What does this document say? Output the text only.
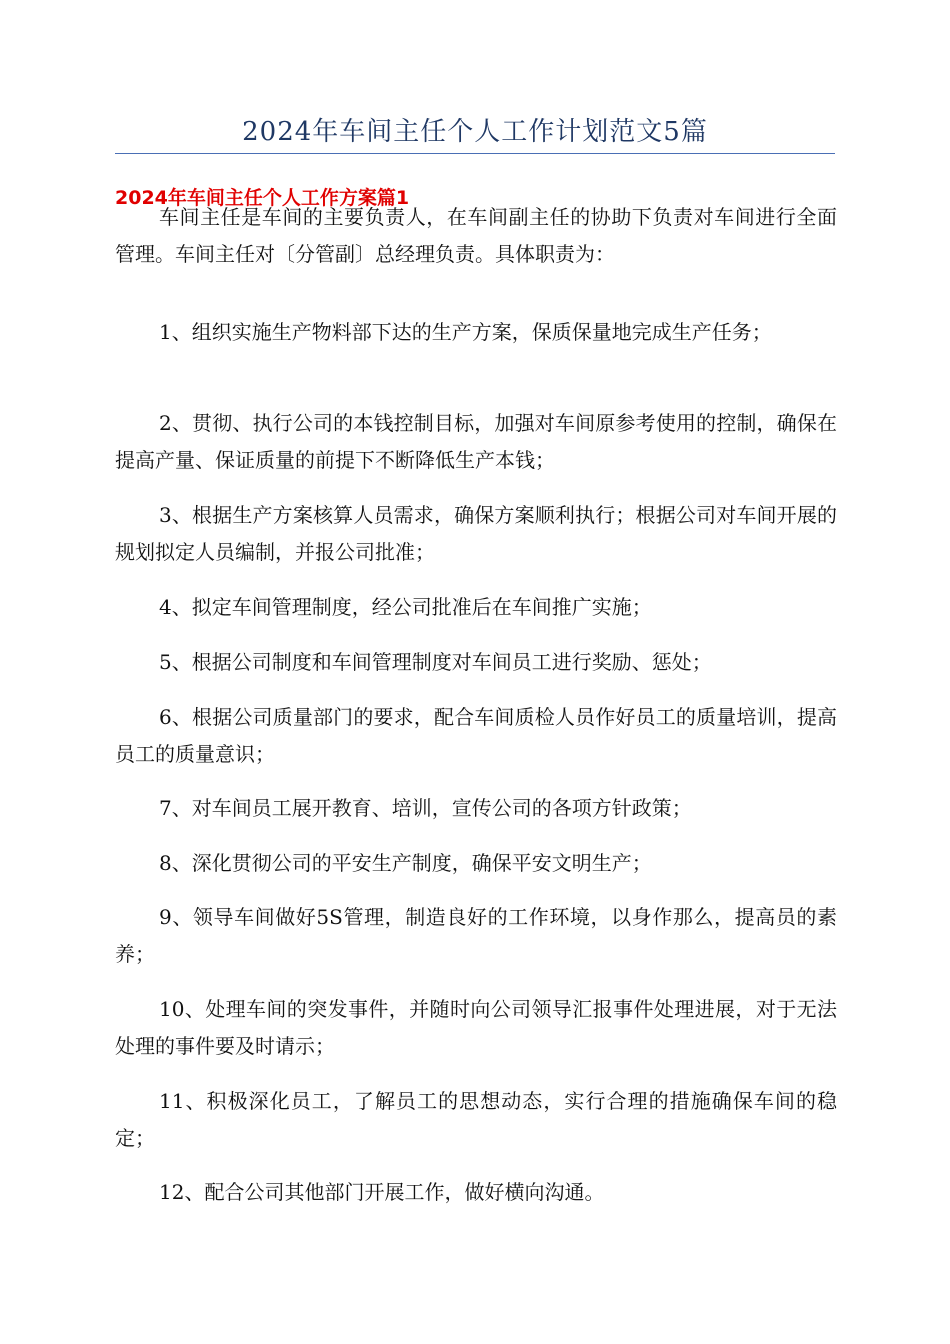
2024年车间主任个人工作计划范文5篇
2024年车间主任个人工作方案篇1

车间主任是车间的主要负责人，在车间副主任的协助下负责对车间进行全面管理。车间主任对〔分管副〕总经理负责。具体职责为：

1、组织实施生产物料部下达的生产方案，保质保量地完成生产任务；

2、贯彻、执行公司的本钱控制目标，加强对车间原参考使用的控制，确保在提高产量、保证质量的前提下不断降低生产本钱；

3、根据生产方案核算人员需求，确保方案顺利执行；根据公司对车间开展的规划拟定人员编制，并报公司批准；

4、拟定车间管理制度，经公司批准后在车间推广实施；

5、根据公司制度和车间管理制度对车间员工进行奖励、惩处；

6、根据公司质量部门的要求，配合车间质检人员作好员工的质量培训，提高员工的质量意识；

7、对车间员工展开教育、培训，宣传公司的各项方针政策；

8、深化贯彻公司的平安生产制度，确保平安文明生产；

9、领导车间做好5S管理，制造良好的工作环境，以身作那么，提高员的素养；

10、处理车间的突发事件，并随时向公司领导汇报事件处理进展，对于无法处理的事件要及时请示；

11、积极深化员工，了解员工的思想动态，实行合理的措施确保车间的稳定；

12、配合公司其他部门开展工作，做好横向沟通。
